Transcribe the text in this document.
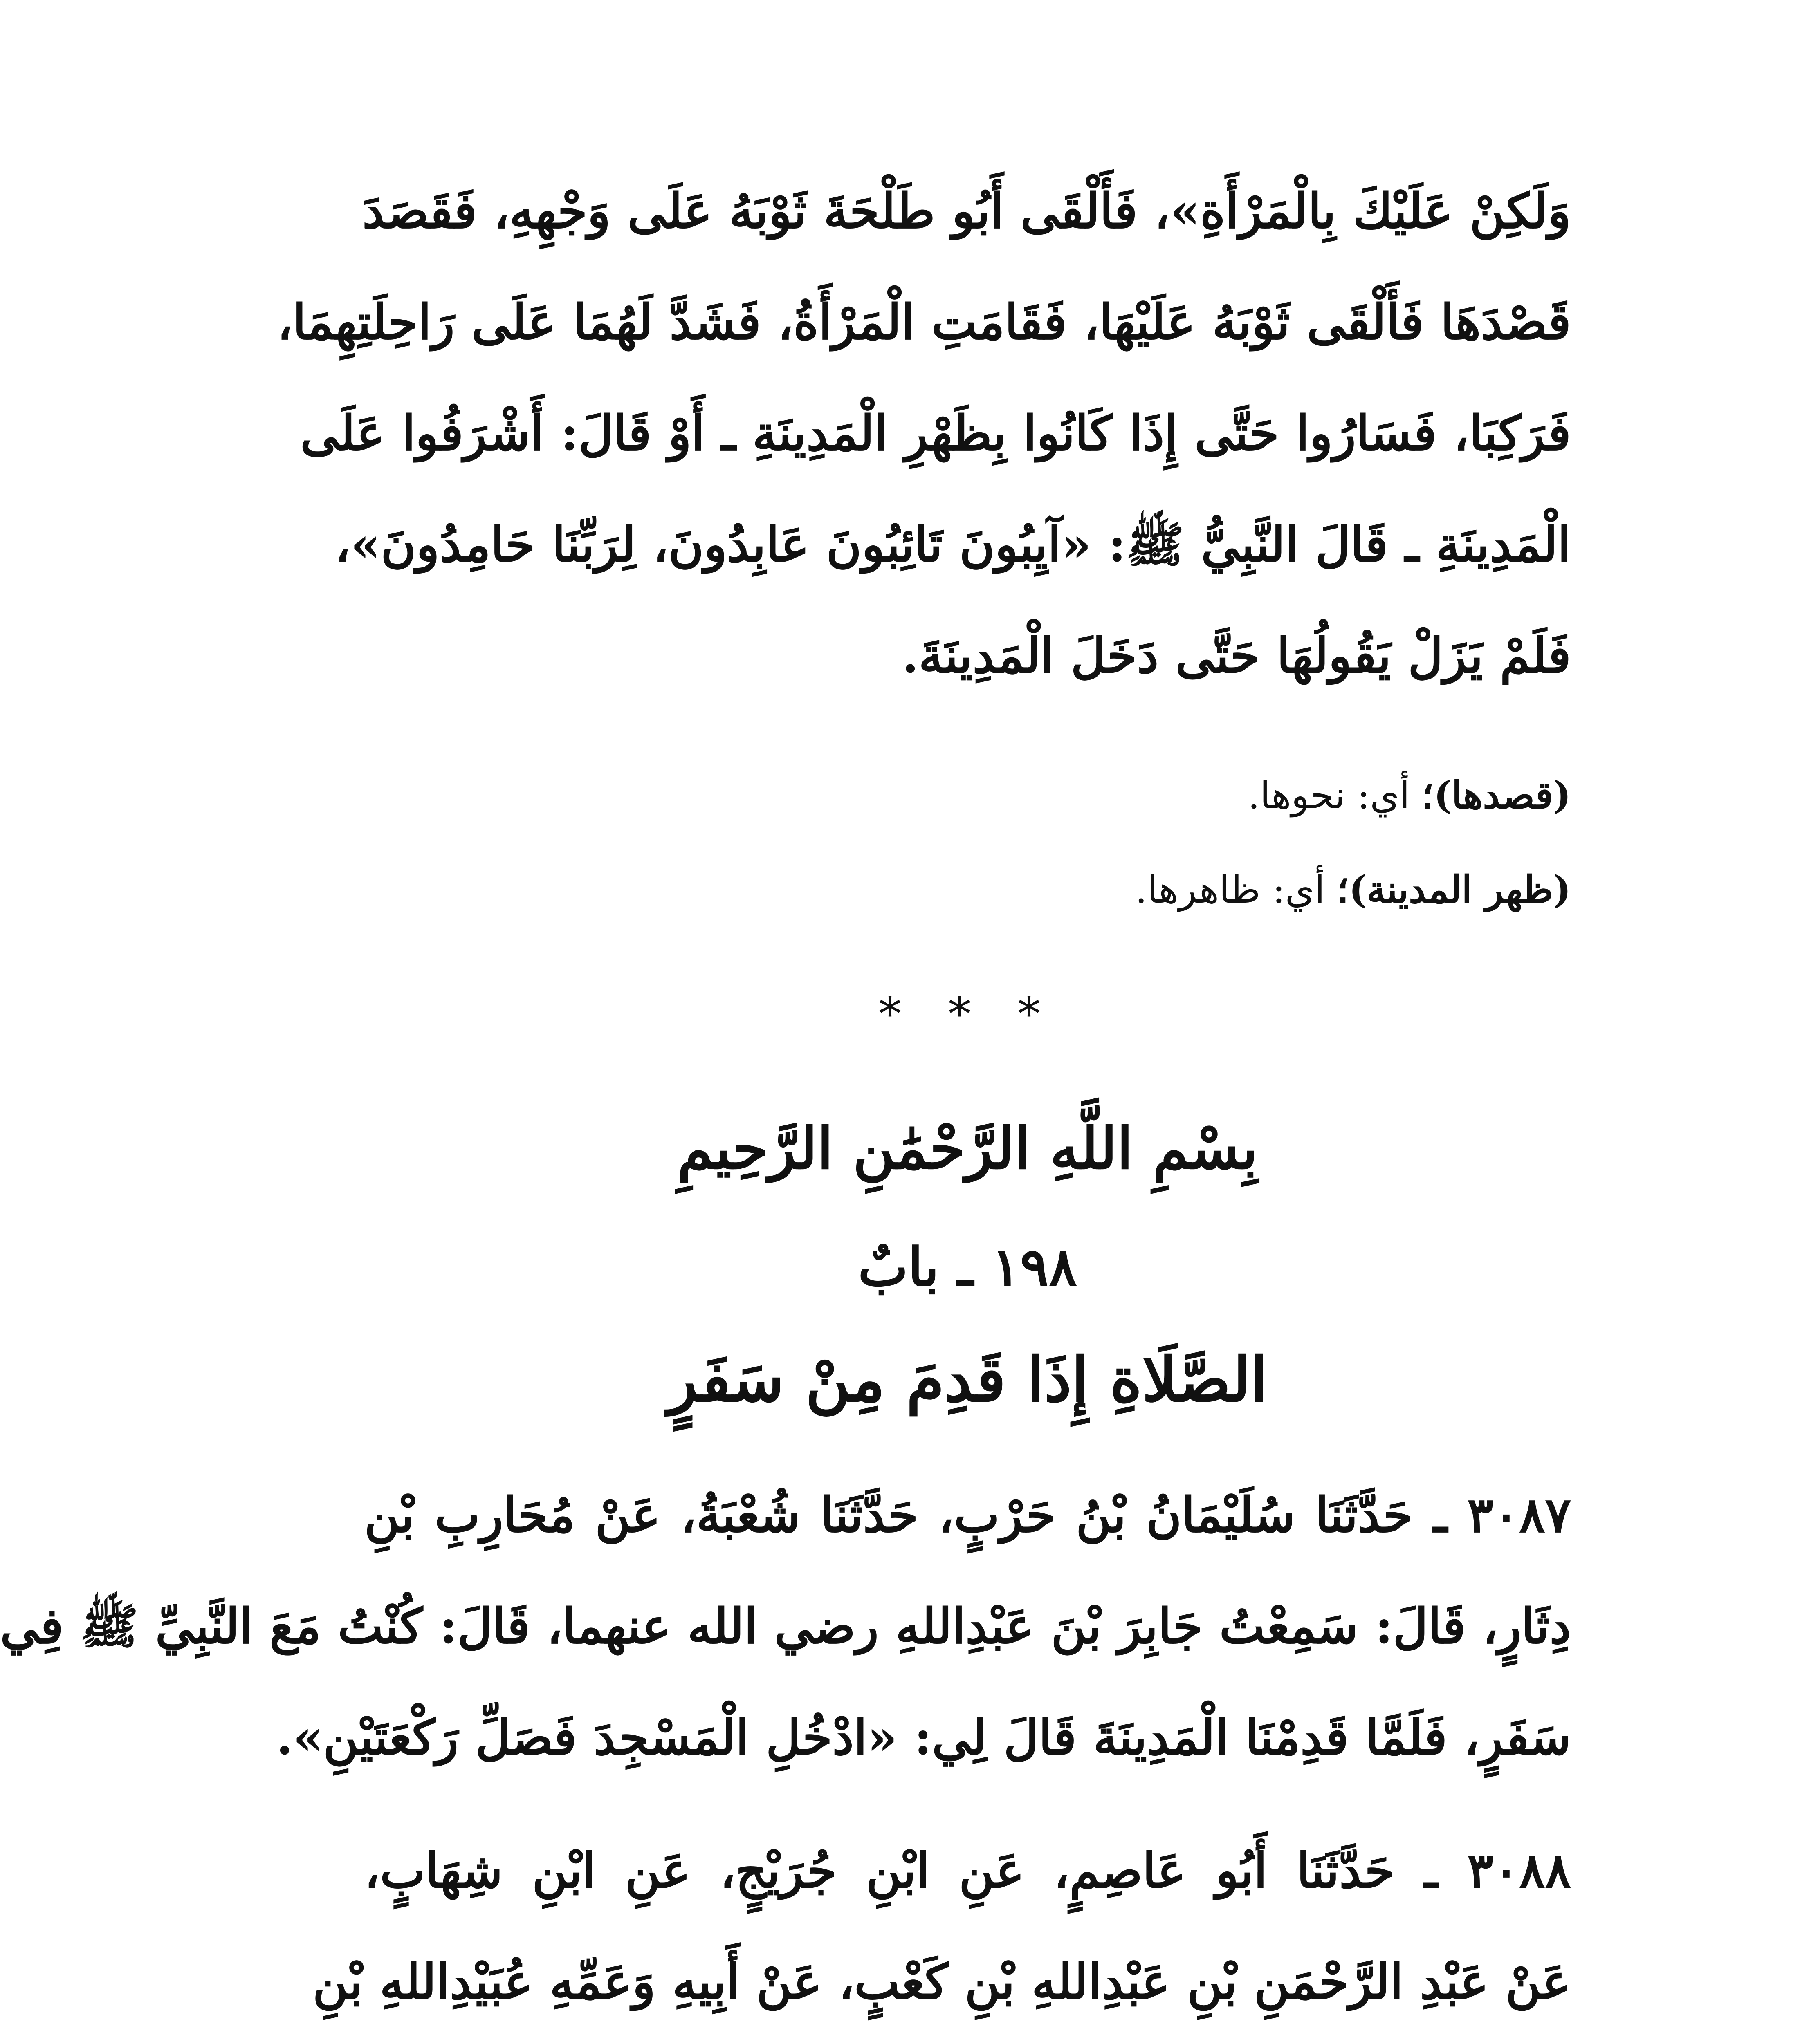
وَلَكِنْ عَلَيْكَ بِالْمَرْأَةِ»، فَأَلْقَى أَبُو طَلْحَةَ ثَوْبَهُ عَلَى وَجْهِهِ، فَقَصَدَ
قَصْدَهَا فَأَلْقَى ثَوْبَهُ عَلَيْهَا، فَقَامَتِ الْمَرْأَةُ، فَشَدَّ لَهُمَا عَلَى رَاحِلَتِهِمَا،
فَرَكِبَا، فَسَارُوا حَتَّى إِذَا كَانُوا بِظَهْرِ الْمَدِينَةِ ـ أَوْ قَالَ: أَشْرَفُوا عَلَى
الْمَدِينَةِ ـ قَالَ النَّبِيُّ ﷺ: «آيِبُونَ تَائِبُونَ عَابِدُونَ، لِرَبِّنَا حَامِدُونَ»،
فَلَمْ يَزَلْ يَقُولُهَا حَتَّى دَخَلَ الْمَدِينَةَ.
(قصدها)؛ أي: نحوها.
(ظهر المدينة)؛ أي: ظاهرها.
* * *
بِسْمِ اللَّهِ الرَّحْمَٰنِ الرَّحِيمِ
١٩٨ ـ بابٌ
الصَّلَاةِ إِذَا قَدِمَ مِنْ سَفَرٍ
٣٠٨٧ ـ حَدَّثَنَا سُلَيْمَانُ بْنُ حَرْبٍ، حَدَّثَنَا شُعْبَةُ، عَنْ مُحَارِبِ بْنِ
دِثَارٍ، قَالَ: سَمِعْتُ جَابِرَ بْنَ عَبْدِاللهِ رضي الله عنهما، قَالَ: كُنْتُ مَعَ النَّبِيِّ ﷺ فِي
سَفَرٍ، فَلَمَّا قَدِمْنَا الْمَدِينَةَ قَالَ لِي: «ادْخُلِ الْمَسْجِدَ فَصَلِّ رَكْعَتَيْنِ».
٣٠٨٨ ـ حَدَّثَنَا أَبُو عَاصِمٍ، عَنِ ابْنِ جُرَيْجٍ، عَنِ ابْنِ شِهَابٍ،
عَنْ عَبْدِ الرَّحْمَنِ بْنِ عَبْدِاللهِ بْنِ كَعْبٍ، عَنْ أَبِيهِ وَعَمِّهِ عُبَيْدِاللهِ بْنِ
